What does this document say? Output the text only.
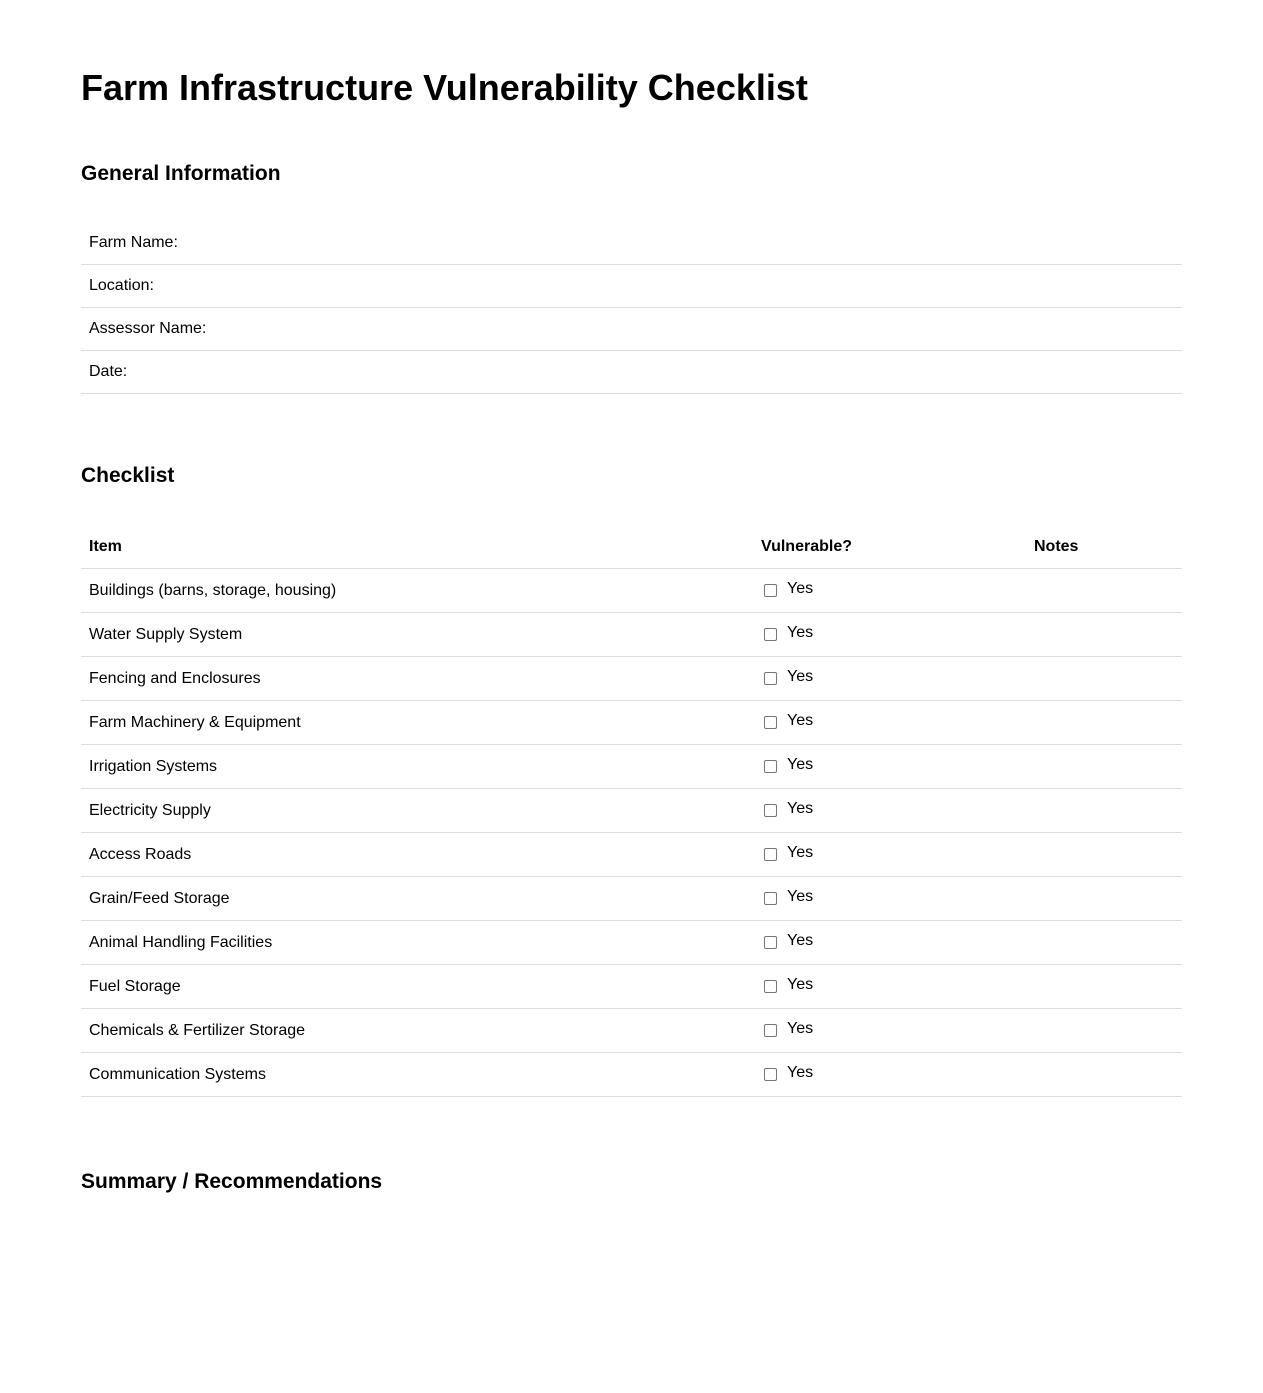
Farm Infrastructure Vulnerability Checklist
General Information
Farm Name:
Location:
Assessor Name:
Date:
Checklist
Item	Vulnerable?	Notes
Buildings (barns, storage, housing)	Yes	

Water Supply System	Yes	

Fencing and Enclosures	Yes	

Farm Machinery & Equipment	Yes	

Irrigation Systems	Yes	

Electricity Supply	Yes	

Access Roads	Yes	

Grain/Feed Storage	Yes	

Animal Handling Facilities	Yes	

Fuel Storage	Yes	

Chemicals & Fertilizer Storage	Yes	

Communication Systems	Yes	

Summary / Recommendations
